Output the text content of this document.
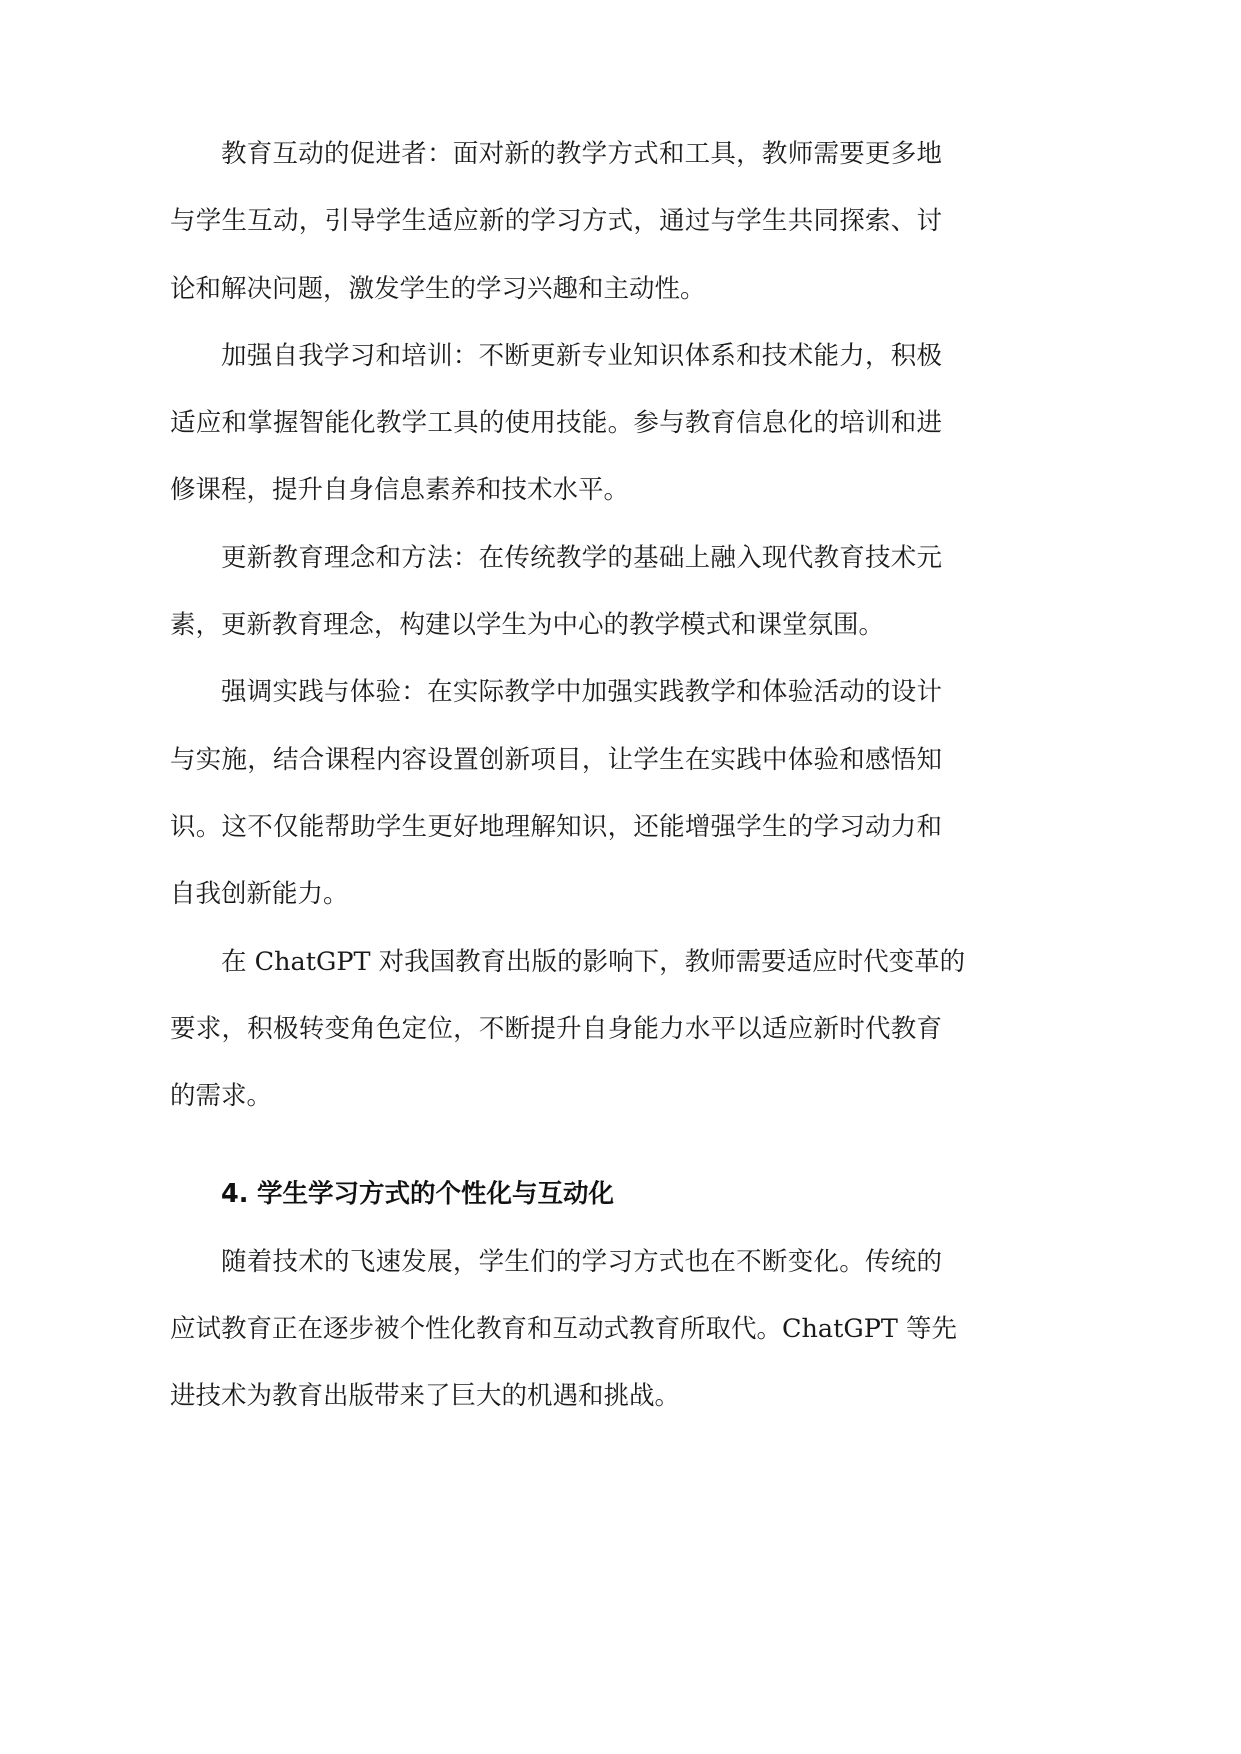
教育互动的促进者：面对新的教学方式和工具，教师需要更多地
与学生互动，引导学生适应新的学习方式，通过与学生共同探索、讨
论和解决问题，激发学生的学习兴趣和主动性。
加强自我学习和培训：不断更新专业知识体系和技术能力，积极
适应和掌握智能化教学工具的使用技能。参与教育信息化的培训和进
修课程，提升自身信息素养和技术水平。
更新教育理念和方法：在传统教学的基础上融入现代教育技术元
素，更新教育理念，构建以学生为中心的教学模式和课堂氛围。
强调实践与体验：在实际教学中加强实践教学和体验活动的设计
与实施，结合课程内容设置创新项目，让学生在实践中体验和感悟知
识。这不仅能帮助学生更好地理解知识，还能增强学生的学习动力和
自我创新能力。
在 ChatGPT 对我国教育出版的影响下，教师需要适应时代变革的
要求，积极转变角色定位，不断提升自身能力水平以适应新时代教育
的需求。
4. 学生学习方式的个性化与互动化
随着技术的飞速发展，学生们的学习方式也在不断变化。传统的
应试教育正在逐步被个性化教育和互动式教育所取代。ChatGPT 等先
进技术为教育出版带来了巨大的机遇和挑战。
